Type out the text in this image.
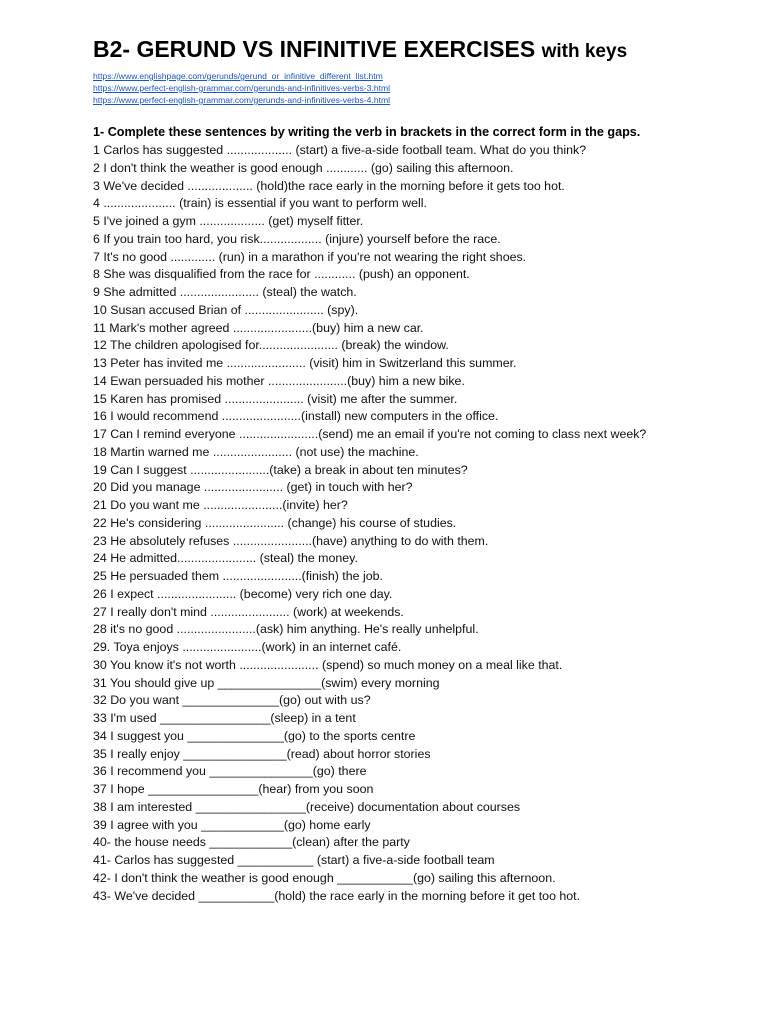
B2- GERUND VS INFINITIVE EXERCISES with keys
https://www.englishpage.com/gerunds/gerund_or_infinitive_different_list.htm
https://www.perfect-english-grammar.com/gerunds-and-infinitives-verbs-3.html
https://www.perfect-english-grammar.com/gerunds-and-infinitives-verbs-4.html
1- Complete these sentences by writing the verb in brackets in the correct form in the gaps.
1 Carlos has suggested ................... (start) a five-a-side football team. What do you think?
2 I don't think the weather is good enough ............ (go) sailing this afternoon.
3 We've decided ................... (hold)the race early in the morning before it gets too hot.
4 ..................... (train) is essential if you want to perform well.
5 I've joined a gym ................... (get) myself fitter.
6 If you train too hard, you risk.................. (injure) yourself before the race.
7 It's no good ............. (run) in a marathon if you're not wearing the right shoes.
8 She was disqualified from the race for ............ (push) an opponent.
9 She admitted ....................... (steal) the watch.
10 Susan accused Brian of ....................... (spy).
11 Mark's mother agreed .......................(buy) him a new car.
12 The children apologised for....................... (break) the window.
13 Peter has invited me ....................... (visit) him in Switzerland this summer.
14 Ewan persuaded his mother .......................(buy) him a new bike.
15 Karen has promised ....................... (visit) me after the summer.
16 I would recommend .......................(install) new computers in the office.
17 Can I remind everyone .......................(send) me an email if you're not coming to class next week?
18 Martin warned me ....................... (not use) the machine.
19 Can I suggest .......................(take) a break in about ten minutes?
20 Did you manage ....................... (get) in touch with her?
21 Do you want me .......................(invite) her?
22 He's considering ....................... (change) his course of studies.
23 He absolutely refuses .......................(have) anything to do with them.
24 He admitted....................... (steal) the money.
25 He persuaded them .......................(finish) the job.
26 I expect ....................... (become) very rich one day.
27 I really don't mind ....................... (work) at weekends.
28 it's no good .......................(ask) him anything. He's really unhelpful.
29. Toya enjoys .......................(work) in an internet café.
30 You know it's not worth ....................... (spend) so much money on a meal like that.
31 You should give up _______________(swim) every morning
32 Do you want ______________(go) out with us?
33 I'm used ________________(sleep) in a tent
34 I suggest you ______________(go) to the sports centre
35 I really enjoy _______________(read) about horror stories
36 I recommend you _______________(go) there
37 I hope ________________(hear) from you soon
38 I am interested ________________(receive) documentation about courses
39 I agree with you ____________(go) home early
40- the house needs ____________(clean) after the party
41- Carlos has suggested ___________ (start) a five-a-side football team
42- I don't think the weather is good enough ___________(go) sailing this afternoon.
43- We've decided ___________(hold) the race early in the morning before it get too hot.
